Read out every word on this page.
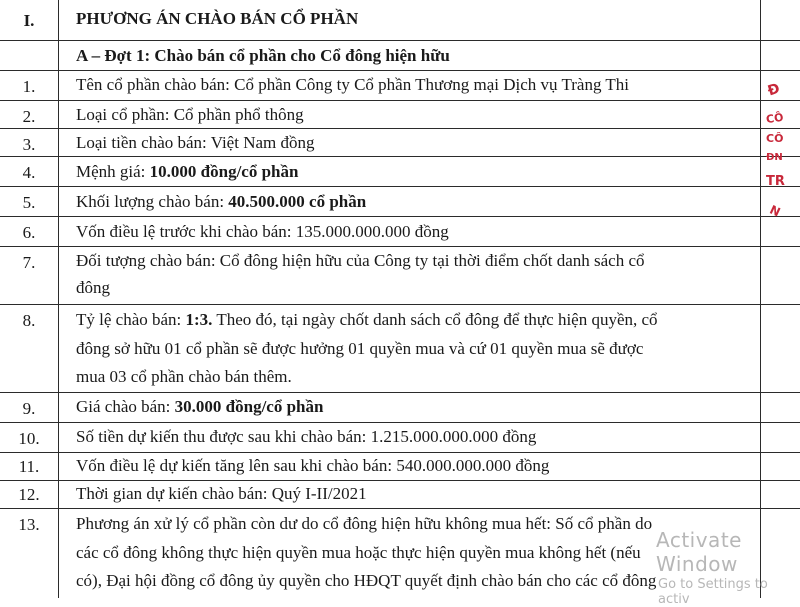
I.	PHƯƠNG ÁN CHÀO BÁN CỔ PHẦN
A – Đợt 1: Chào bán cổ phần cho Cổ đông hiện hữu
1.	Tên cổ phần chào bán: Cổ phần Công ty Cổ phần Thương mại Dịch vụ Tràng Thi
2.	Loại cổ phần: Cổ phần phổ thông
3.	Loại tiền chào bán: Việt Nam đồng
4.	Mệnh giá: 10.000 đồng/cổ phần
5.	Khối lượng chào bán: 40.500.000 cổ phần
6.	Vốn điều lệ trước khi chào bán: 135.000.000.000 đồng
7.	Đối tượng chào bán: Cổ đông hiện hữu của Công ty tại thời điểm chốt danh sách cổ
đông
8.	Tỷ lệ chào bán: 1:3. Theo đó, tại ngày chốt danh sách cổ đông để thực hiện quyền, cổ
đông sở hữu 01 cổ phần sẽ được hưởng 01 quyền mua và cứ 01 quyền mua sẽ được
mua 03 cổ phần chào bán thêm.
9.	Giá chào bán: 30.000 đồng/cổ phần
10.	Số tiền dự kiến thu được sau khi chào bán: 1.215.000.000.000 đồng
11.	Vốn điều lệ dự kiến tăng lên sau khi chào bán: 540.000.000.000 đồng
12.	Thời gian dự kiến chào bán: Quý I-II/2021
13.	Phương án xử lý cổ phần còn dư do cổ đông hiện hữu không mua hết: Số cổ phần do
các cổ đông không thực hiện quyền mua hoặc thực hiện quyền mua không hết (nếu
có), Đại hội đồng cổ đông ủy quyền cho HĐQT quyết định chào bán cho các cổ đông
Đ
CÔ
CÔ
ĐN
TR
N
Activate Window
Go to Settings to activ
